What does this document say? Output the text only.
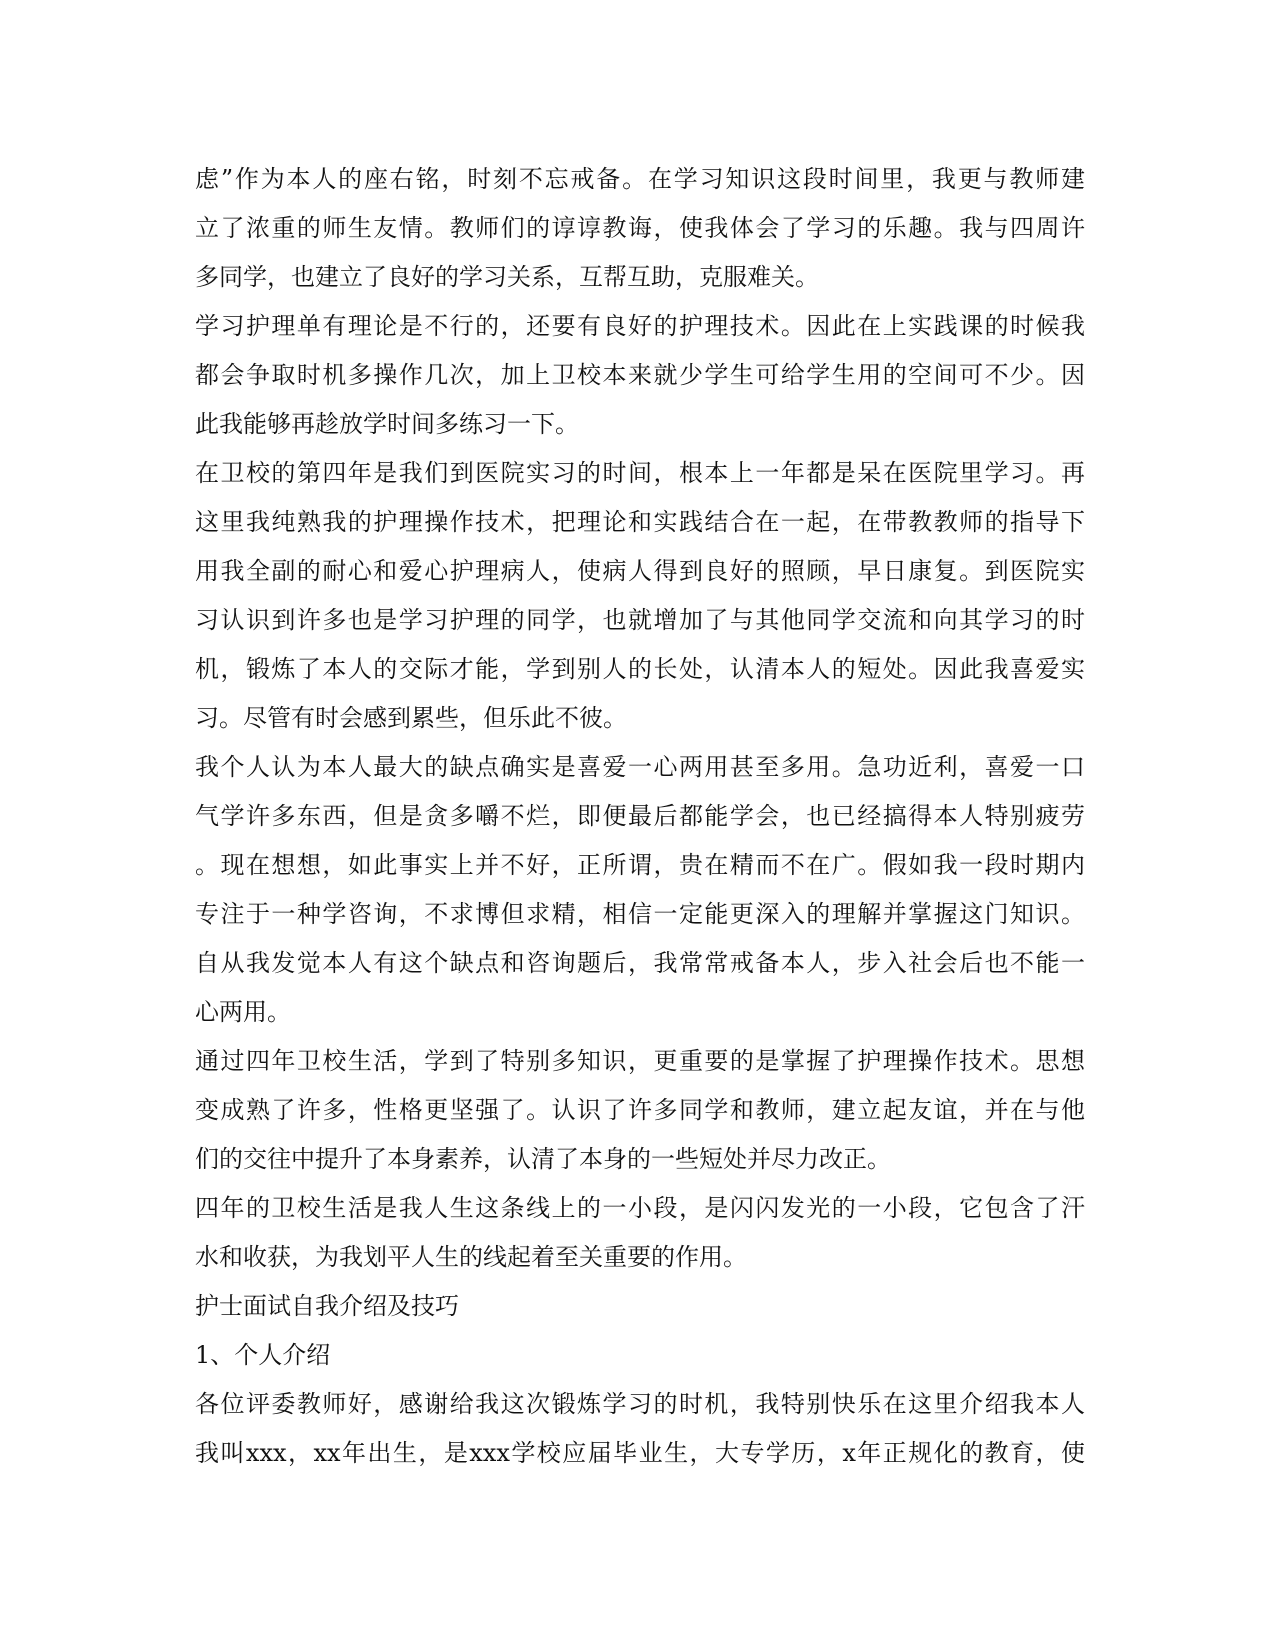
虑”作为本人的座右铭，时刻不忘戒备。在学习知识这段时间里，我更与教师建
立了浓重的师生友情。教师们的谆谆教诲，使我体会了学习的乐趣。我与四周许
多同学，也建立了良好的学习关系，互帮互助，克服难关。
学习护理单有理论是不行的，还要有良好的护理技术。因此在上实践课的时候我
都会争取时机多操作几次，加上卫校本来就少学生可给学生用的空间可不少。因
此我能够再趁放学时间多练习一下。
在卫校的第四年是我们到医院实习的时间，根本上一年都是呆在医院里学习。再
这里我纯熟我的护理操作技术，把理论和实践结合在一起，在带教教师的指导下
用我全副的耐心和爱心护理病人，使病人得到良好的照顾，早日康复。到医院实
习认识到许多也是学习护理的同学，也就增加了与其他同学交流和向其学习的时
机，锻炼了本人的交际才能，学到别人的长处，认清本人的短处。因此我喜爱实
习。尽管有时会感到累些，但乐此不彼。
我个人认为本人最大的缺点确实是喜爱一心两用甚至多用。急功近利，喜爱一口
气学许多东西，但是贪多嚼不烂，即便最后都能学会，也已经搞得本人特别疲劳
。现在想想，如此事实上并不好，正所谓，贵在精而不在广。假如我一段时期内
专注于一种学咨询，不求博但求精，相信一定能更深入的理解并掌握这门知识。
自从我发觉本人有这个缺点和咨询题后，我常常戒备本人，步入社会后也不能一
心两用。
通过四年卫校生活，学到了特别多知识，更重要的是掌握了护理操作技术。思想
变成熟了许多，性格更坚强了。认识了许多同学和教师，建立起友谊，并在与他
们的交往中提升了本身素养，认清了本身的一些短处并尽力改正。
四年的卫校生活是我人生这条线上的一小段，是闪闪发光的一小段，它包含了汗
水和收获，为我划平人生的线起着至关重要的作用。
护士面试自我介绍及技巧
1、个人介绍
各位评委教师好，感谢给我这次锻炼学习的时机，我特别快乐在这里介绍我本人
我叫xxx，xx年出生，是xxx学校应届毕业生，大专学历，x年正规化的教育，使
